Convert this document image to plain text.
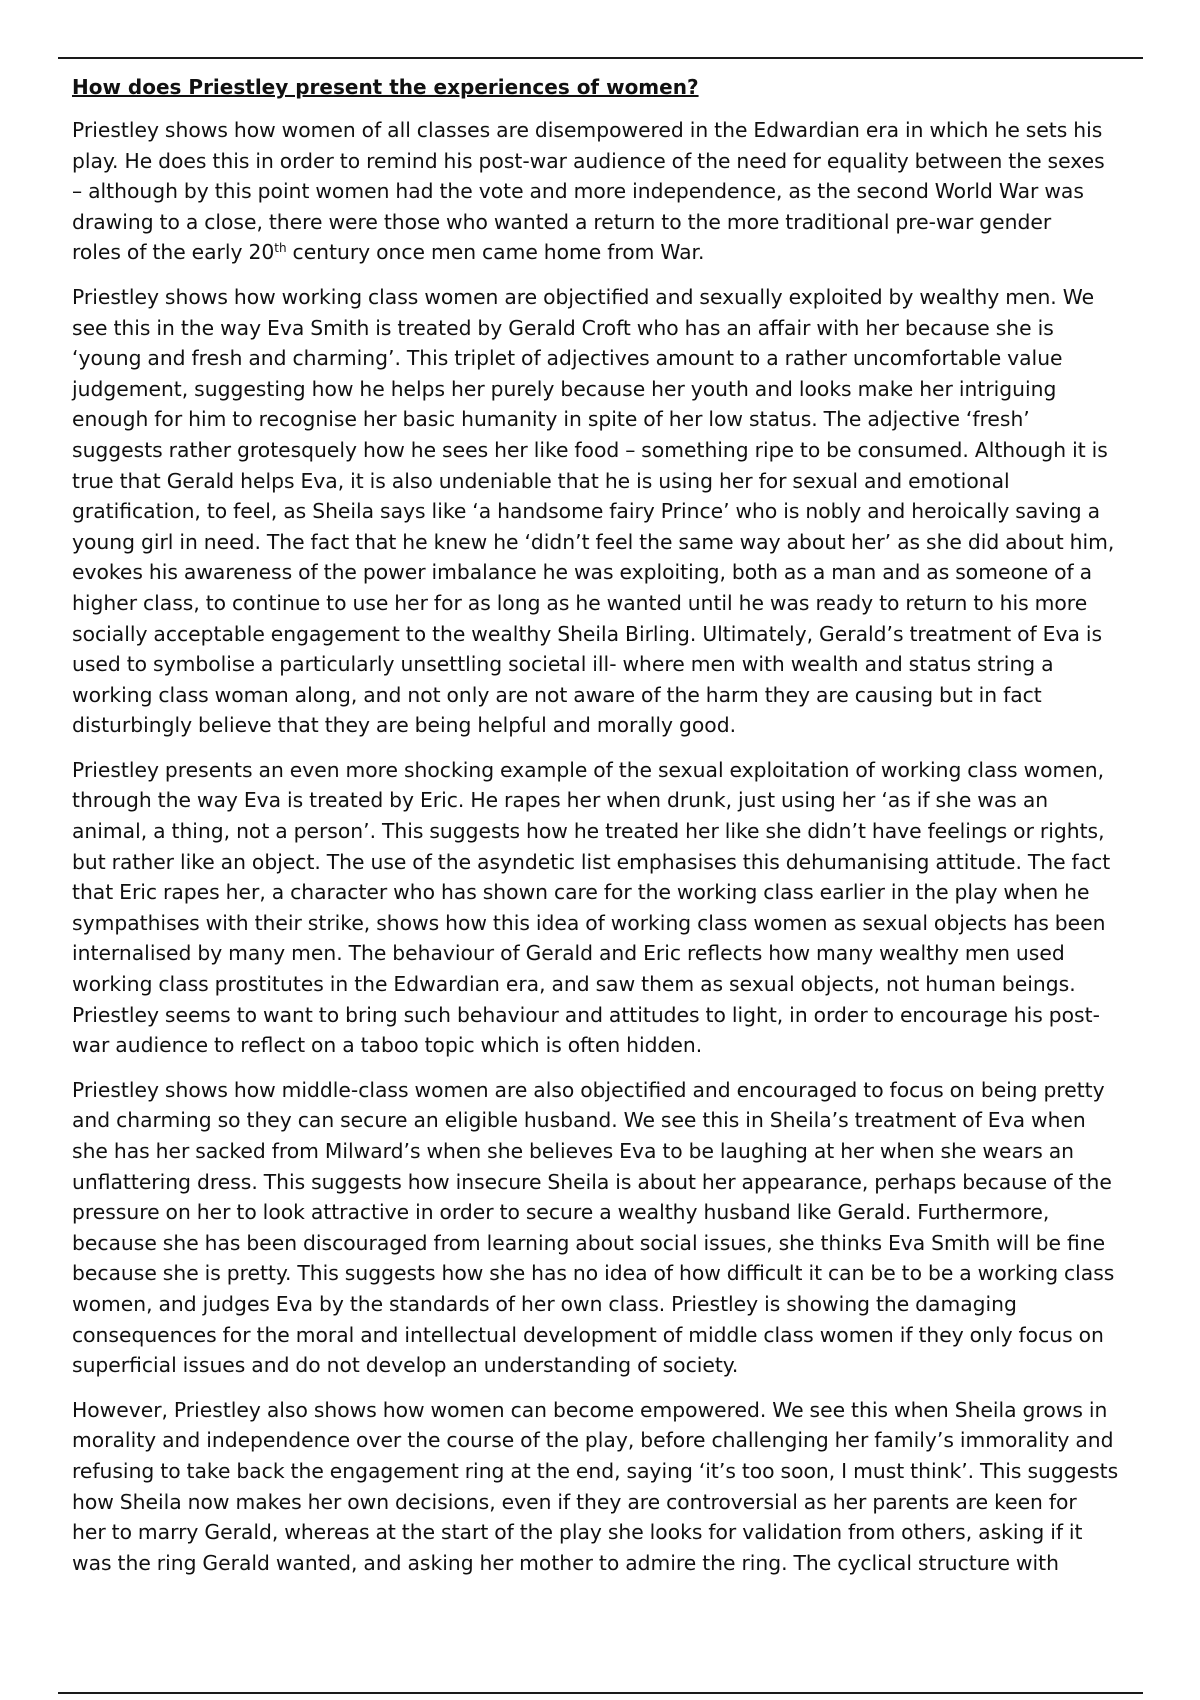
How does Priestley present the experiences of women?
Priestley shows how women of all classes are disempowered in the Edwardian era in which he sets his
play. He does this in order to remind his post-war audience of the need for equality between the sexes
– although by this point women had the vote and more independence, as the second World War was
drawing to a close, there were those who wanted a return to the more traditional pre-war gender
roles of the early 20th century once men came home from War.
Priestley shows how working class women are objectified and sexually exploited by wealthy men. We
see this in the way Eva Smith is treated by Gerald Croft who has an affair with her because she is
‘young and fresh and charming’. This triplet of adjectives amount to a rather uncomfortable value
judgement, suggesting how he helps her purely because her youth and looks make her intriguing
enough for him to recognise her basic humanity in spite of her low status. The adjective ‘fresh’
suggests rather grotesquely how he sees her like food – something ripe to be consumed. Although it is
true that Gerald helps Eva, it is also undeniable that he is using her for sexual and emotional
gratification, to feel, as Sheila says like ‘a handsome fairy Prince’ who is nobly and heroically saving a
young girl in need. The fact that he knew he ‘didn’t feel the same way about her’ as she did about him,
evokes his awareness of the power imbalance he was exploiting, both as a man and as someone of a
higher class, to continue to use her for as long as he wanted until he was ready to return to his more
socially acceptable engagement to the wealthy Sheila Birling. Ultimately, Gerald’s treatment of Eva is
used to symbolise a particularly unsettling societal ill- where men with wealth and status string a
working class woman along, and not only are not aware of the harm they are causing but in fact
disturbingly believe that they are being helpful and morally good.
Priestley presents an even more shocking example of the sexual exploitation of working class women,
through the way Eva is treated by Eric. He rapes her when drunk, just using her ‘as if she was an
animal, a thing, not a person’. This suggests how he treated her like she didn’t have feelings or rights,
but rather like an object. The use of the asyndetic list emphasises this dehumanising attitude. The fact
that Eric rapes her, a character who has shown care for the working class earlier in the play when he
sympathises with their strike, shows how this idea of working class women as sexual objects has been
internalised by many men. The behaviour of Gerald and Eric reflects how many wealthy men used
working class prostitutes in the Edwardian era, and saw them as sexual objects, not human beings.
Priestley seems to want to bring such behaviour and attitudes to light, in order to encourage his post-
war audience to reflect on a taboo topic which is often hidden.
Priestley shows how middle-class women are also objectified and encouraged to focus on being pretty
and charming so they can secure an eligible husband. We see this in Sheila’s treatment of Eva when
she has her sacked from Milward’s when she believes Eva to be laughing at her when she wears an
unflattering dress. This suggests how insecure Sheila is about her appearance, perhaps because of the
pressure on her to look attractive in order to secure a wealthy husband like Gerald. Furthermore,
because she has been discouraged from learning about social issues, she thinks Eva Smith will be fine
because she is pretty. This suggests how she has no idea of how difficult it can be to be a working class
women, and judges Eva by the standards of her own class. Priestley is showing the damaging
consequences for the moral and intellectual development of middle class women if they only focus on
superficial issues and do not develop an understanding of society.
However, Priestley also shows how women can become empowered. We see this when Sheila grows in
morality and independence over the course of the play, before challenging her family’s immorality and
refusing to take back the engagement ring at the end, saying ‘it’s too soon, I must think’. This suggests
how Sheila now makes her own decisions, even if they are controversial as her parents are keen for
her to marry Gerald, whereas at the start of the play she looks for validation from others, asking if it
was the ring Gerald wanted, and asking her mother to admire the ring. The cyclical structure with
